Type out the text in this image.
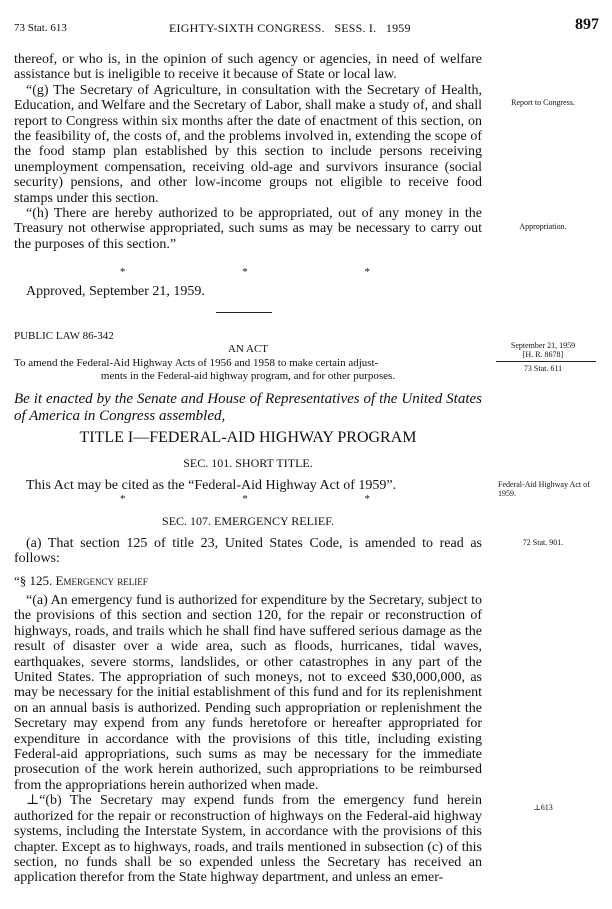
73 Stat. 613	EIGHTY-SIXTH CONGRESS.   SESS. I.   1959	897

thereof, or who is, in the opinion of such agency or agencies, in need of welfare assistance but is ineligible to receive it because of State or local law.

“(g) The Secretary of Agriculture, in consultation with the Secretary of Health, Education, and Welfare and the Secretary of Labor, shall make a study of, and shall report to Congress within six months after the date of enactment of this section, on the feasibility of, the costs of, and the problems involved in, extending the scope of the food stamp plan established by this section to include persons receiving unemployment compensation, receiving old-age and survivors insurance (social security) pensions, and other low-income groups not eligible to receive food stamps under this section.

“(h) There are hereby authorized to be appropriated, out of any money in the Treasury not otherwise appropriated, such sums as may be necessary to carry out the purposes of this section.”

*	*	*
Approved, September 21, 1959.
PUBLIC LAW 86-342
AN ACT
To amend the Federal-Aid Highway Acts of 1956 and 1958 to make certain adjust-
ments in the Federal-aid highway program, and for other purposes.
Be it enacted by the Senate and House of Representatives of the United States of America in Congress assembled,
TITLE I—FEDERAL-AID HIGHWAY PROGRAM
SEC. 101. SHORT TITLE.
This Act may be cited as the “Federal-Aid Highway Act of 1959”.
*	*	*
SEC. 107. EMERGENCY RELIEF.

(a) That section 125 of title 23, United States Code, is amended to read as follows:

“§ 125. Emergency relief

“(a) An emergency fund is authorized for expenditure by the Secretary, subject to the provisions of this section and section 120, for the repair or reconstruction of highways, roads, and trails which he shall find have suffered serious damage as the result of disaster over a wide area, such as floods, hurricanes, tidal waves, earthquakes, severe storms, landslides, or other catastrophes in any part of the United States. The appropriation of such moneys, not to exceed $30,000,000, as may be necessary for the initial establishment of this fund and for its replenishment on an annual basis is authorized. Pending such appropriation or replenishment the Secretary may expend from any funds heretofore or hereafter appropriated for expenditure in accordance with the provisions of this title, including existing Federal-aid appropriations, such sums as may be necessary for the immediate prosecution of the work herein authorized, such appropriations to be reimbursed from the appropriations herein authorized when made.

⊥“(b) The Secretary may expend funds from the emergency fund herein authorized for the repair or reconstruction of highways on the Federal-aid highway systems, including the Interstate System, in accordance with the provisions of this chapter. Except as to highways, roads, and trails mentioned in subsection (c) of this section, no funds shall be so expended unless the Secretary has received an application therefor from the State highway department, and unless an emer-

Report to Congress.
Appropriation.
September 21, 1959
[H. R. 8678]
73 Stat. 611
Federal-Aid Highway Act of 1959.
72 Stat. 901.
⊥613
